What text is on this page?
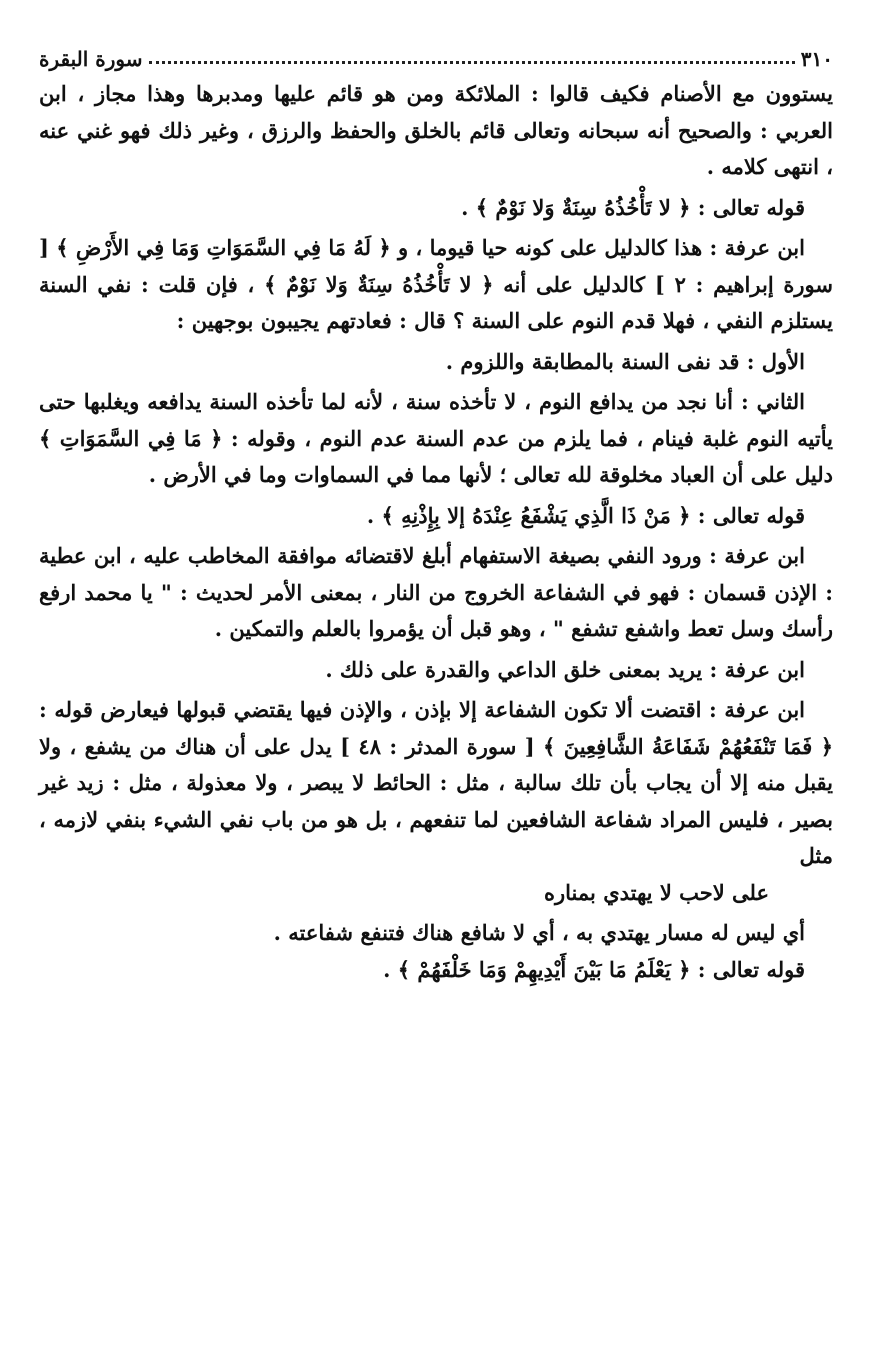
٣١٠
سورة البقرة

يستوون مع الأصنام فكيف قالوا : الملائكة ومن هو قائم عليها ومدبرها وهذا مجاز ، ابن العربي : والصحيح أنه سبحانه وتعالى قائم بالخلق والحفظ والرزق ، وغير ذلك فهو غني عنه ، انتهى كلامه .

قوله تعالى : ﴿ لا تَأْخُذُهُ سِنَةٌ وَلا نَوْمٌ ﴾ .

ابن عرفة : هذا كالدليل على كونه حيا قيوما ، و ﴿ لَهُ مَا فِي السَّمَوَاتِ وَمَا فِي الأَرْضِ ﴾ [ سورة إبراهيم : ٢ ] كالدليل على أنه ﴿ لا تَأْخُذُهُ سِنَةٌ وَلا نَوْمٌ ﴾ ، فإن قلت : نفي السنة يستلزم النفي ، فهلا قدم النوم على السنة ؟ قال : فعادتهم يجيبون بوجهين :

الأول : قد نفى السنة بالمطابقة واللزوم .

الثاني : أنا نجد من يدافع النوم ، لا تأخذه سنة ، لأنه لما تأخذه السنة يدافعه ويغلبها حتى يأتيه النوم غلبة فينام ، فما يلزم من عدم السنة عدم النوم ، وقوله : ﴿ مَا فِي السَّمَوَاتِ ﴾ دليل على أن العباد مخلوقة لله تعالى ؛ لأنها مما في السماوات وما في الأرض .

قوله تعالى : ﴿ مَنْ ذَا الَّذِي يَشْفَعُ عِنْدَهُ إلا بِإِذْنِهِ ﴾ .

ابن عرفة : ورود النفي بصيغة الاستفهام أبلغ لاقتضائه موافقة المخاطب عليه ، ابن عطية : الإذن قسمان : فهو في الشفاعة الخروج من النار ، بمعنى الأمر لحديث : " يا محمد ارفع رأسك وسل تعط واشفع تشفع " ، وهو قبل أن يؤمروا بالعلم والتمكين .

ابن عرفة : يريد بمعنى خلق الداعي والقدرة على ذلك .

ابن عرفة : اقتضت ألا تكون الشفاعة إلا بإذن ، والإذن فيها يقتضي قبولها فيعارض قوله : ﴿ فَمَا تَنْفَعُهُمْ شَفَاعَةُ الشَّافِعِينَ ﴾ [ سورة المدثر : ٤٨ ] يدل على أن هناك من يشفع ، ولا يقبل منه إلا أن يجاب بأن تلك سالبة ، مثل : الحائط لا يبصر ، ولا معذولة ، مثل : زيد غير بصير ، فليس المراد شفاعة الشافعين لما تنفعهم ، بل هو من باب نفي الشيء بنفي لازمه ، مثل

على لاحب لا يهتدي بمناره

أي ليس له مسار يهتدي به ، أي لا شافع هناك فتنفع شفاعته .

قوله تعالى : ﴿ يَعْلَمُ مَا بَيْنَ أَيْدِيهِمْ وَمَا خَلْفَهُمْ ﴾ .
